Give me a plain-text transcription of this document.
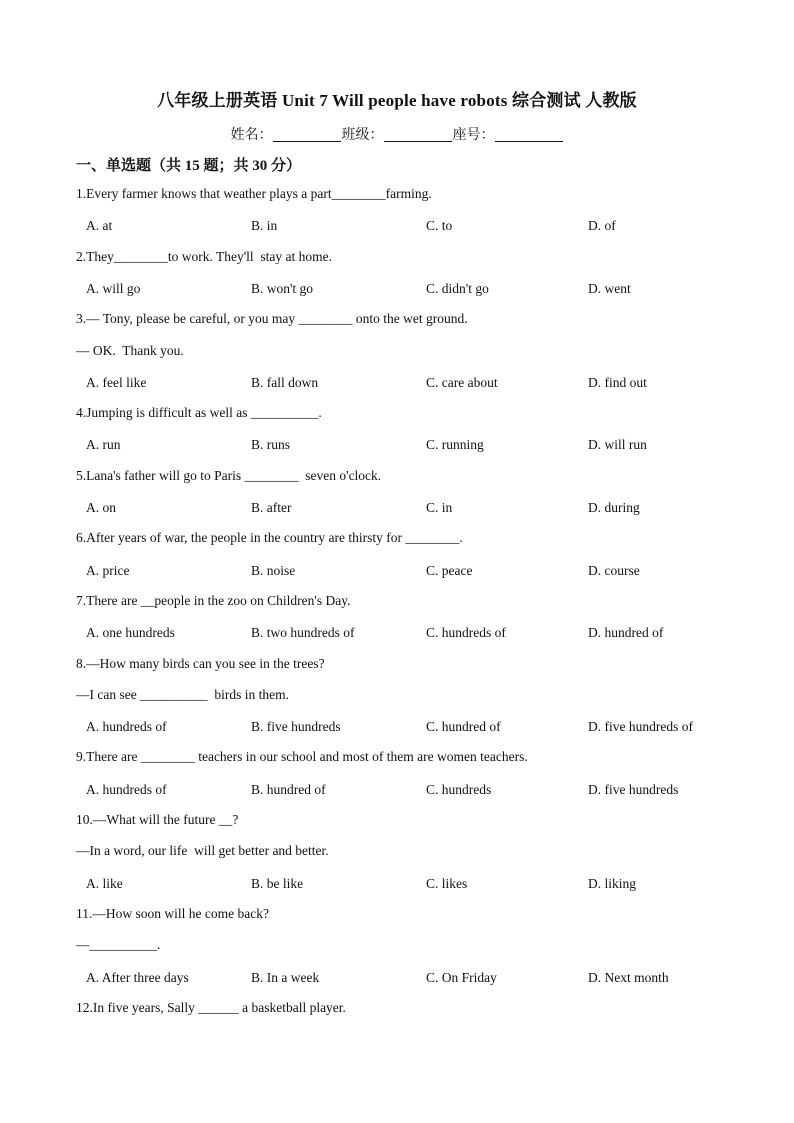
八年级上册英语 Unit 7 Will people have robots 综合测试 人教版
姓名：	班级：	座号：
一、单选题（共 15 题；共 30 分）
1.Every farmer knows that weather plays a part________farming.
A. at	B. in	C. to	D. of
2.They________to work. They'll  stay at home.
A. will go	B. won't go	C. didn't go	D. went
3.— Tony, please be careful, or you may ________ onto the wet ground.
— OK.  Thank you.
A. feel like	B. fall down	C. care about	D. find out
4.Jumping is difficult as well as __________.
A. run	B. runs	C. running	D. will run
5.Lana's father will go to Paris ________  seven o'clock.
A. on	B. after	C. in	D. during
6.After years of war, the people in the country are thirsty for ________.
A. price	B. noise	C. peace	D. course
7.There are __people in the zoo on Children's Day.
A. one hundreds	B. two hundreds of	C. hundreds of	D. hundred of
8.—How many birds can you see in the trees?
—I can see __________  birds in them.
A. hundreds of	B. five hundreds	C. hundred of	D. five hundreds of
9.There are ________ teachers in our school and most of them are women teachers.
A. hundreds of	B. hundred of	C. hundreds	D. five hundreds
10.—What will the future __?
—In a word, our life  will get better and better.
A. like	B. be like	C. likes	D. liking
11.—How soon will he come back?
—__________.
A. After three days	B. In a week	C. On Friday	D. Next month
12.In five years, Sally ______ a basketball player.
